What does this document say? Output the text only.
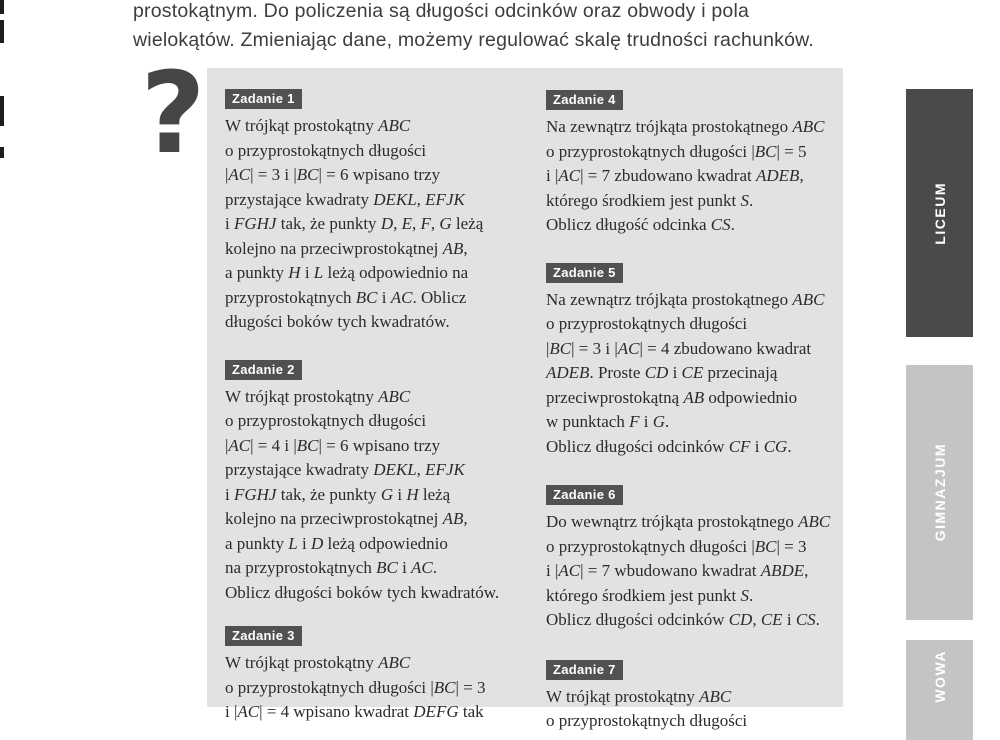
prostokątnym. Do policzenia są długości odcinków oraz obwody i pola
wielokątów. Zmieniając dane, możemy regulować skalę trudności rachunków.
?	Zadanie 1
W trójkąt prostokątny ABC
o przyprostokątnych długości
|AC| = 3 i |BC| = 6 wpisano trzy
przystające kwadraty DEKL, EFJK
i FGHJ tak, że punkty D, E, F, G leżą
kolejno na przeciwprostokątnej AB,
a punkty H i L leżą odpowiednio na
przyprostokątnych BC i AC. Oblicz
długości boków tych kwadratów.
Zadanie 2
W trójkąt prostokątny ABC
o przyprostokątnych długości
|AC| = 4 i |BC| = 6 wpisano trzy
przystające kwadraty DEKL, EFJK
i FGHJ tak, że punkty G i H leżą
kolejno na przeciwprostokątnej AB,
a punkty L i D leżą odpowiednio
na przyprostokątnych BC i AC.
Oblicz długości boków tych kwadratów.
Zadanie 3
W trójkąt prostokątny ABC
o przyprostokątnych długości |BC| = 3
i |AC| = 4 wpisano kwadrat DEFG tak
Zadanie 4
Na zewnątrz trójkąta prostokątnego ABC
o przyprostokątnych długości |BC| = 5
i |AC| = 7 zbudowano kwadrat ADEB,
którego środkiem jest punkt S.
Oblicz długość odcinka CS.
Zadanie 5
Na zewnątrz trójkąta prostokątnego ABC
o przyprostokątnych długości
|BC| = 3 i |AC| = 4 zbudowano kwadrat
ADEB. Proste CD i CE przecinają
przeciwprostokątną AB odpowiednio
w punktach F i G.
Oblicz długości odcinków CF i CG.
Zadanie 6
Do wewnątrz trójkąta prostokątnego ABC
o przyprostokątnych długości |BC| = 3
i |AC| = 7 wbudowano kwadrat ABDE,
którego środkiem jest punkt S.
Oblicz długości odcinków CD, CE i CS.
Zadanie 7
W trójkąt prostokątny ABC
o przyprostokątnych długości
LICEUM
GIMNAZJUM
WOWA
